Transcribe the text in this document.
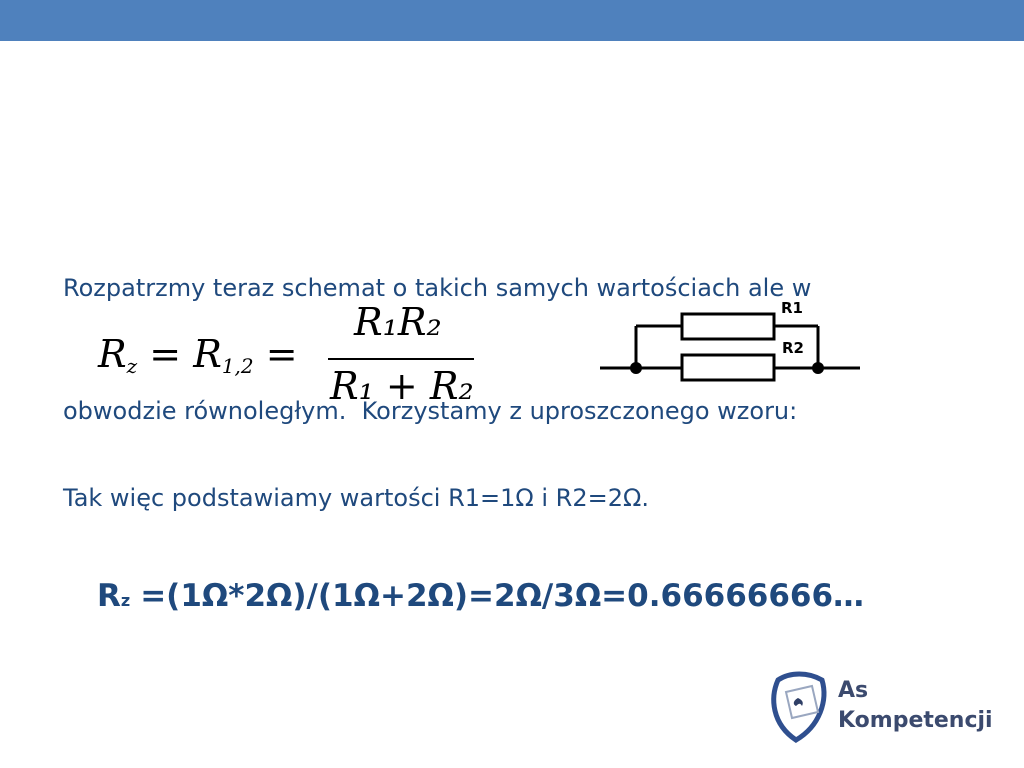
Rozpatrzmy teraz schemat o takich samych wartościach ale w

obwodzie równoległym.  Korzystamy z uproszczonego wzoru:

$R_z = R_{1,2}$ =
R₁R₂
R₁ + R₂
R1
R2
Tak więc podstawiamy wartości R1=1Ω i R2=2Ω.
Rz =(1Ω*2Ω)/(1Ω+2Ω)=2Ω/3Ω=0.66666666…
As
Kompetencji
